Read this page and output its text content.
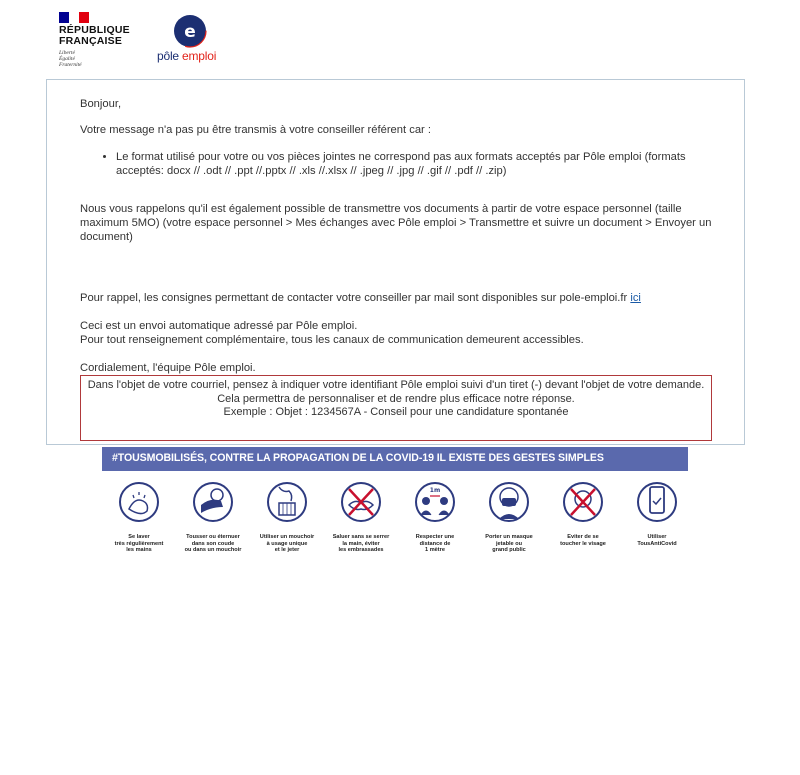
RÉPUBLIQUE
FRANÇAISE
Liberté
Égalité
Fraternité
e
pôle emploi

Bonjour,

Votre message n'a pas pu être transmis à votre conseiller référent car :

• Le format utilisé pour votre ou vos pièces jointes ne correspond pas aux formats acceptés par Pôle emploi (formats acceptés: docx // .odt // .ppt //.pptx // .xls //.xlsx // .jpeg // .jpg // .gif // .pdf // .zip)

Nous vous rappelons qu'il est également possible de transmettre vos documents à partir de votre espace personnel (taille maximum 5MO) (votre espace personnel > Mes échanges avec Pôle emploi > Transmettre et suivre un document > Envoyer un document)

Pour rappel, les consignes permettant de contacter votre conseiller par mail sont disponibles sur pole-emploi.fr ici

Ceci est un envoi automatique adressé par Pôle emploi.
Pour tout renseignement complémentaire, tous les canaux de communication demeurent accessibles.

Cordialement, l'équipe Pôle emploi.

Dans l'objet de votre courriel, pensez à indiquer votre identifiant Pôle emploi suivi d'un tiret (-) devant l'objet de votre demande.
Cela permettra de personnaliser et de rendre plus efficace notre réponse.
Exemple : Objet : 1234567A - Conseil pour une candidature spontanée
#TOUSMOBILISÉS, CONTRE LA PROPAGATION DE LA COVID-19 IL EXISTE DES GESTES SIMPLES
Se laver
très régulièrement
les mains
Tousser ou éternuer
dans son coude
ou dans un mouchoir
Utiliser un mouchoir
à usage unique
et le jeter
Saluer sans se serrer
la main, éviter
les embrassades
1m
Respecter une
distance de
1 mètre
Porter un masque
jetable ou
grand public
Eviter de se
toucher le visage
Utiliser
TousAntiCovid
